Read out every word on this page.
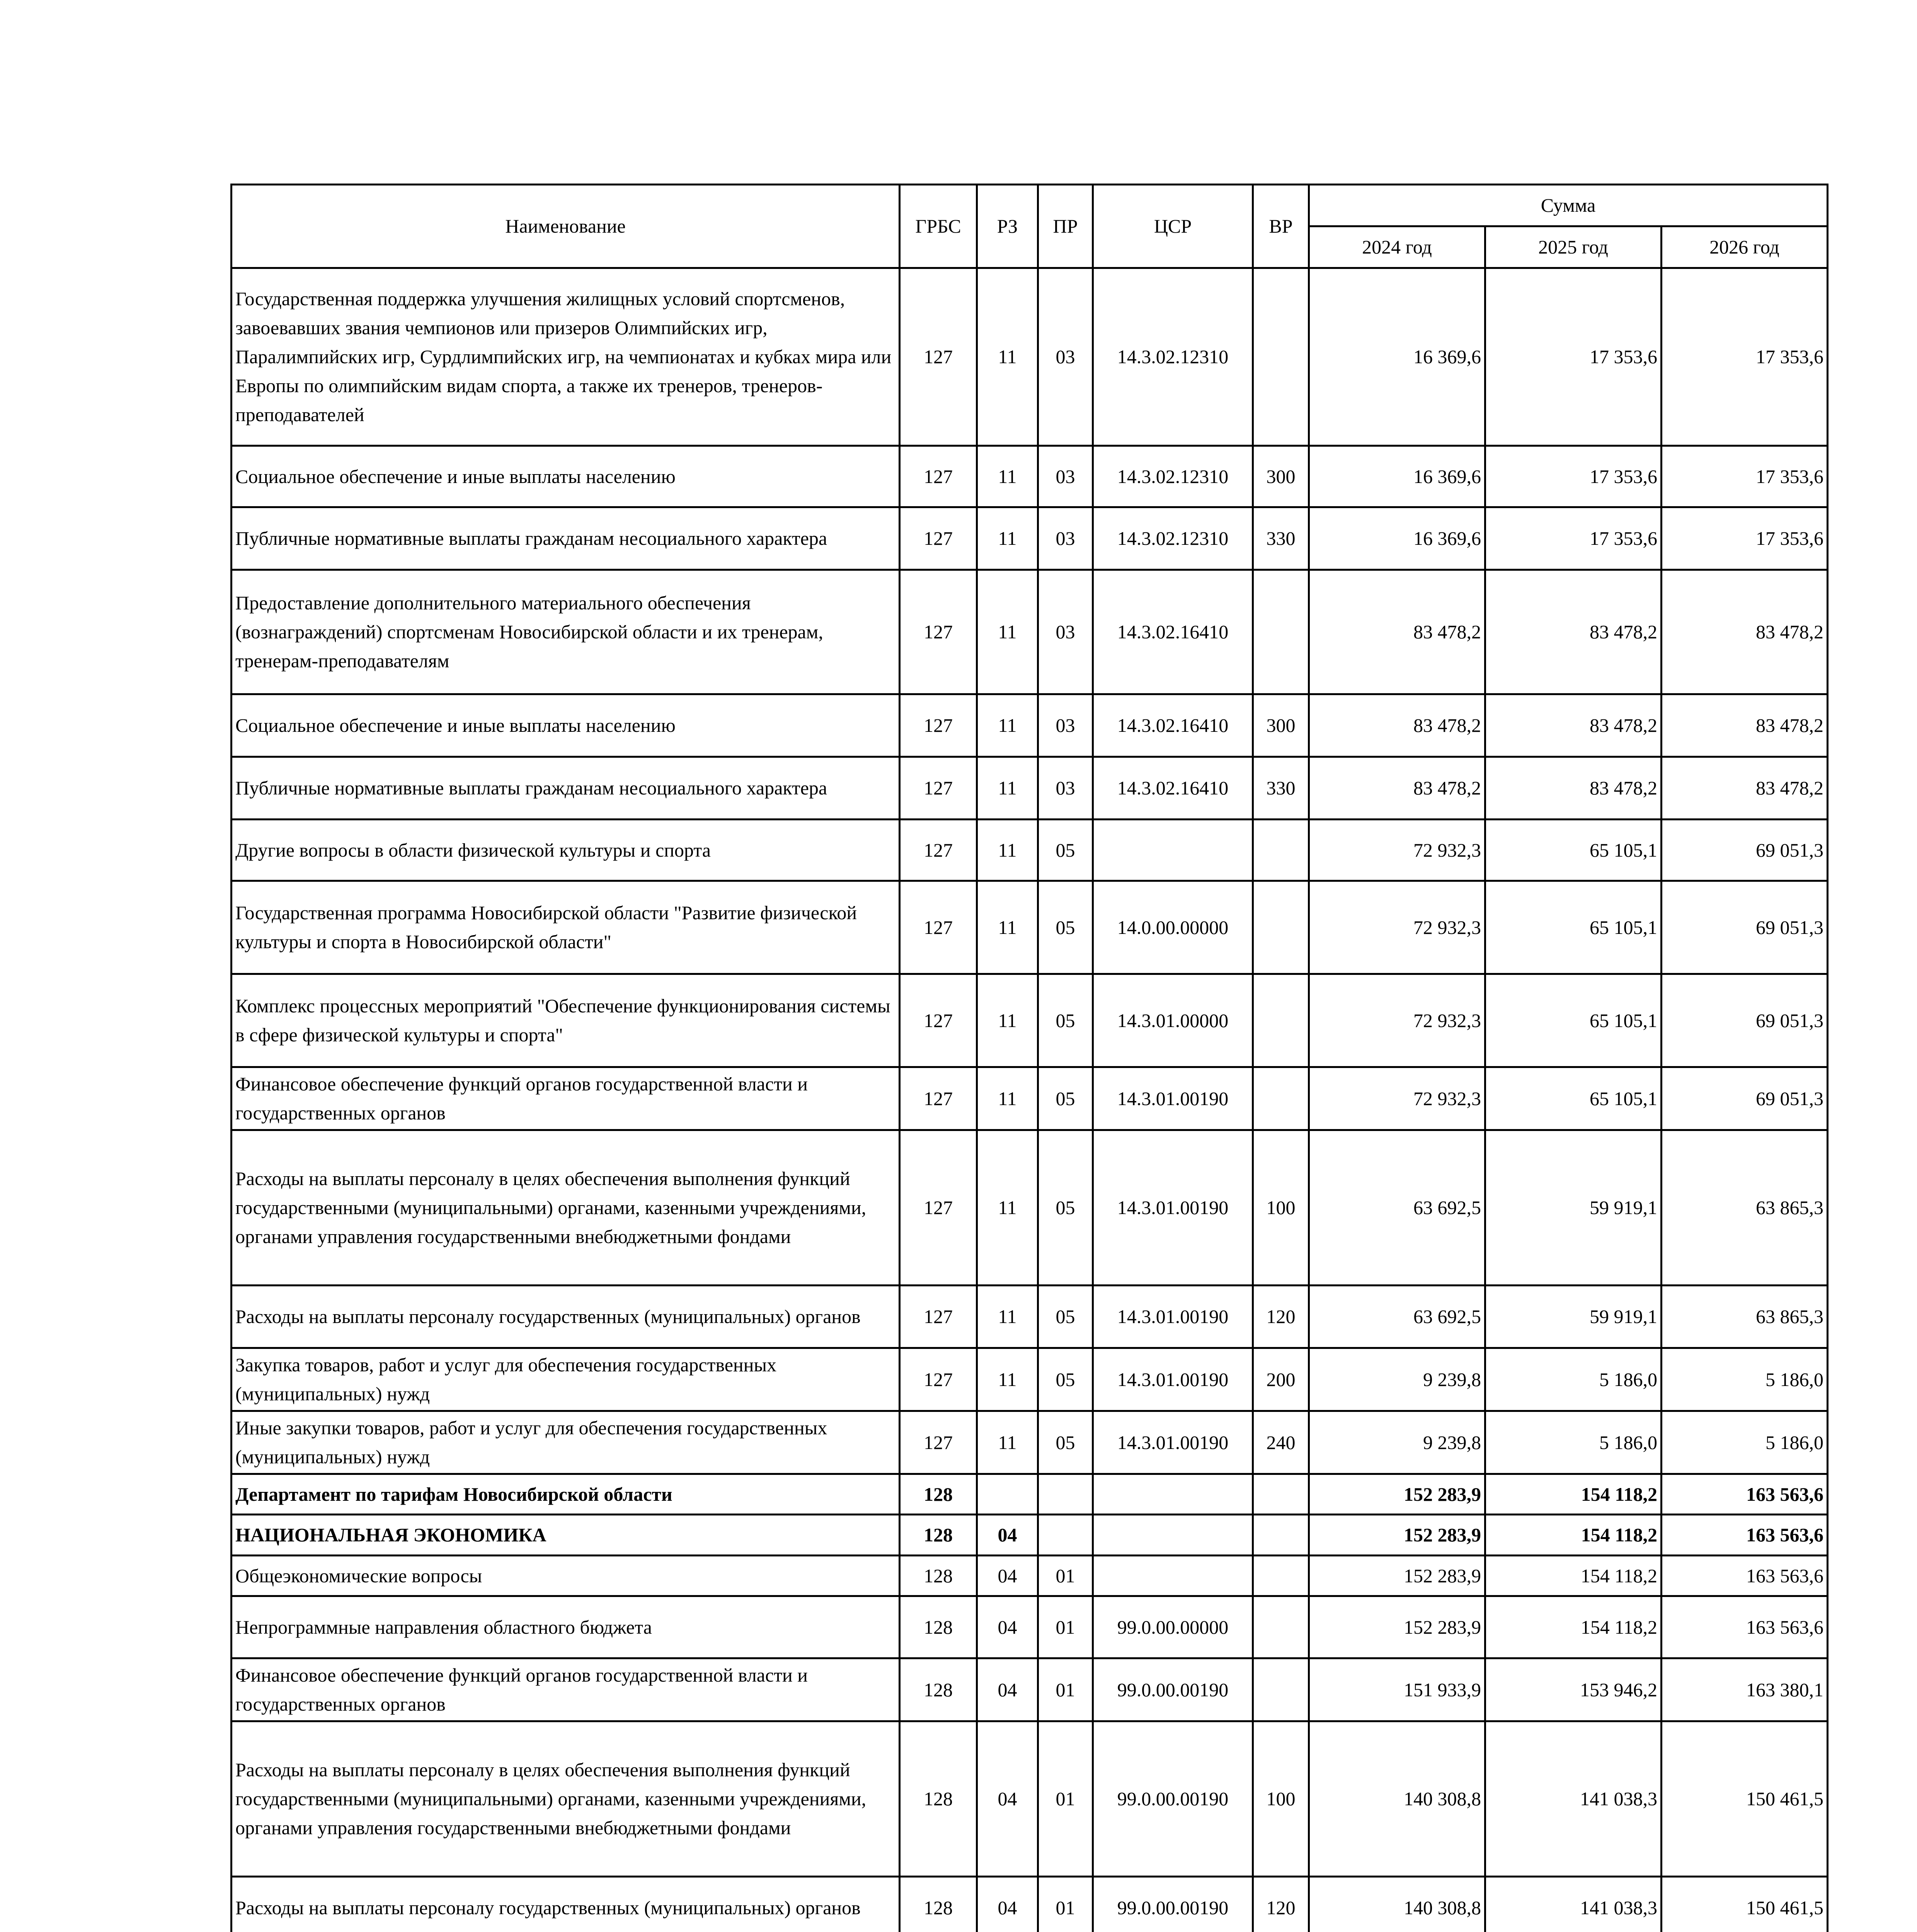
Наименование	ГРБС	РЗ	ПР	ЦСР	ВР	Сумма		
						2024 год	2025 год	2026 год
Государственная поддержка улучшения жилищных условий спортсменов, завоевавших звания чемпионов или призеров Олимпийских игр, Паралимпийских игр, Сурдлимпийских игр, на чемпионатах и кубках мира или Европы по олимпийским видам спорта, а также их тренеров, тренеров-преподавателей	127	11	03	14.3.02.12310		16 369,6	17 353,6	17 353,6
Социальное обеспечение и иные выплаты населению	127	11	03	14.3.02.12310	300	16 369,6	17 353,6	17 353,6
Публичные нормативные выплаты гражданам несоциального характера	127	11	03	14.3.02.12310	330	16 369,6	17 353,6	17 353,6
Предоставление дополнительного материального обеспечения (вознаграждений) спортсменам Новосибирской области и их тренерам, тренерам-преподавателям	127	11	03	14.3.02.16410		83 478,2	83 478,2	83 478,2
Социальное обеспечение и иные выплаты населению	127	11	03	14.3.02.16410	300	83 478,2	83 478,2	83 478,2
Публичные нормативные выплаты гражданам несоциального характера	127	11	03	14.3.02.16410	330	83 478,2	83 478,2	83 478,2
Другие вопросы в области физической культуры и спорта	127	11	05			72 932,3	65 105,1	69 051,3
Государственная программа Новосибирской области "Развитие физической культуры и спорта в Новосибирской области"	127	11	05	14.0.00.00000		72 932,3	65 105,1	69 051,3
Комплекс процессных мероприятий "Обеспечение функционирования системы в сфере физической культуры и спорта"	127	11	05	14.3.01.00000		72 932,3	65 105,1	69 051,3
Финансовое обеспечение функций органов государственной власти и государственных органов	127	11	05	14.3.01.00190		72 932,3	65 105,1	69 051,3
Расходы на выплаты персоналу в целях обеспечения выполнения функций государственными (муниципальными) органами, казенными учреждениями, органами управления государственными внебюджетными фондами	127	11	05	14.3.01.00190	100	63 692,5	59 919,1	63 865,3
Расходы на выплаты персоналу государственных (муниципальных) органов	127	11	05	14.3.01.00190	120	63 692,5	59 919,1	63 865,3
Закупка товаров, работ и услуг для обеспечения государственных (муниципальных) нужд	127	11	05	14.3.01.00190	200	9 239,8	5 186,0	5 186,0
Иные закупки товаров, работ и услуг для обеспечения государственных (муниципальных) нужд	127	11	05	14.3.01.00190	240	9 239,8	5 186,0	5 186,0
Департамент по тарифам Новосибирской области	128					152 283,9	154 118,2	163 563,6
НАЦИОНАЛЬНАЯ ЭКОНОМИКА	128	04				152 283,9	154 118,2	163 563,6
Общеэкономические вопросы	128	04	01			152 283,9	154 118,2	163 563,6
Непрограммные направления областного бюджета	128	04	01	99.0.00.00000		152 283,9	154 118,2	163 563,6
Финансовое обеспечение функций органов государственной власти и государственных органов	128	04	01	99.0.00.00190		151 933,9	153 946,2	163 380,1
Расходы на выплаты персоналу в целях обеспечения выполнения функций государственными (муниципальными) органами, казенными учреждениями, органами управления государственными внебюджетными фондами	128	04	01	99.0.00.00190	100	140 308,8	141 038,3	150 461,5
Расходы на выплаты персоналу государственных (муниципальных) органов	128	04	01	99.0.00.00190	120	140 308,8	141 038,3	150 461,5
